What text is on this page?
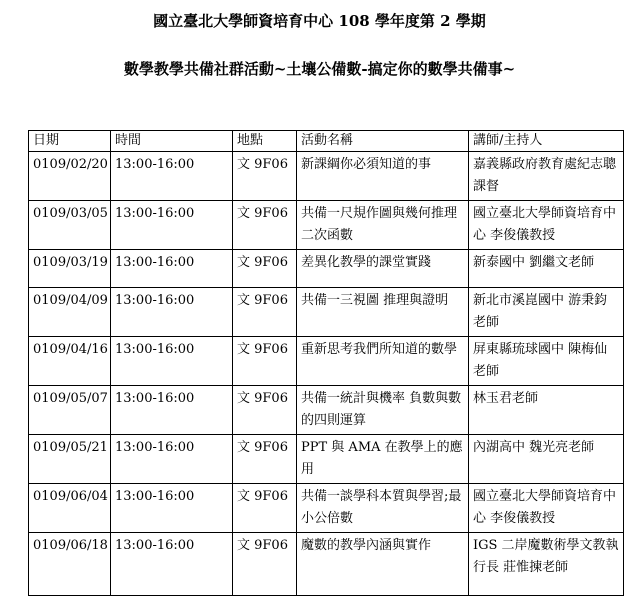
國立臺北大學師資培育中心 108 學年度第 2 學期
數學教學共備社群活動~土壤公備數-搞定你的數學共備事~
日期	時間	地點	活動名稱	講師/主持人
0109/02/20	13:00-16:00	文 9F06	新課綱你必須知道的事	嘉義縣政府教育處紀志聰課督
0109/03/05	13:00-16:00	文 9F06	共備一尺規作圖與幾何推理 二次函數	國立臺北大學師資培育中心 李俊儀教授
0109/03/19	13:00-16:00	文 9F06	差異化教學的課堂實踐	新泰國中 劉繼文老師
0109/04/09	13:00-16:00	文 9F06	共備一三視圖 推理與證明	新北市溪崑國中 游秉鈞老師
0109/04/16	13:00-16:00	文 9F06	重新思考我們所知道的數學	屏東縣琉球國中 陳梅仙老師
0109/05/07	13:00-16:00	文 9F06	共備一統計與機率 負數與數的四則運算	林玉君老師
0109/05/21	13:00-16:00	文 9F06	PPT 與 AMA 在教學上的應用	內湖高中 魏光亮老師
0109/06/04	13:00-16:00	文 9F06	共備一談學科本質與學習;最小公倍數	國立臺北大學師資培育中心 李俊儀教授
0109/06/18	13:00-16:00	文 9F06	魔數的教學內涵與實作	IGS 二岸魔數術學文教執行長 莊惟揀老師
